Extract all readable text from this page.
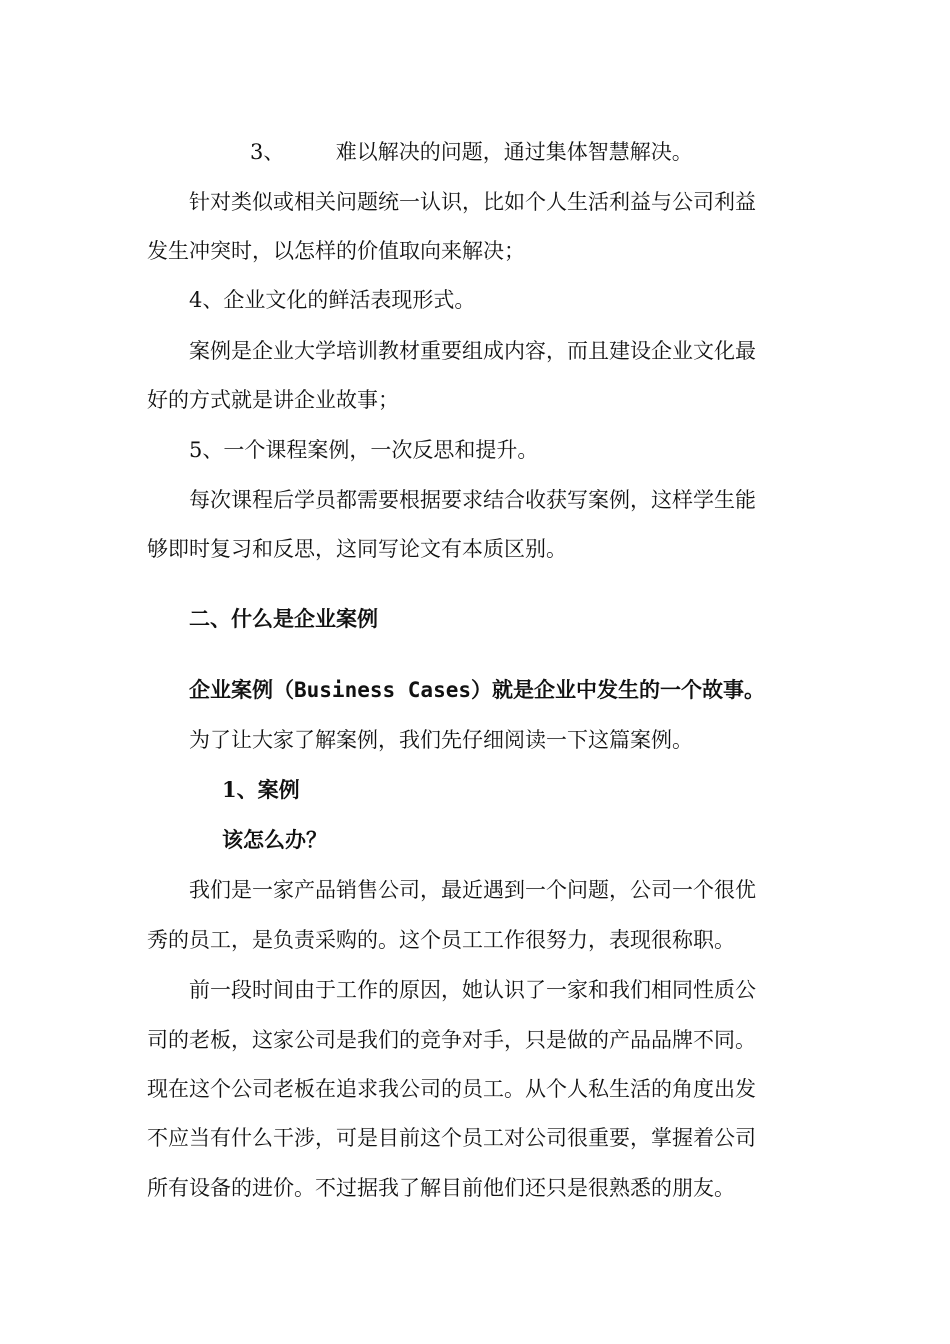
3、 难以解决的问题，通过集体智慧解决。
针对类似或相关问题统一认识，比如个人生活利益与公司利益
发生冲突时，以怎样的价值取向来解决；
4、企业文化的鲜活表现形式。
案例是企业大学培训教材重要组成内容，而且建设企业文化最
好的方式就是讲企业故事；
5、一个课程案例，一次反思和提升。
每次课程后学员都需要根据要求结合收获写案例，这样学生能
够即时复习和反思，这同写论文有本质区别。
二、什么是企业案例
企业案例（Business Cases）就是企业中发生的一个故事。
为了让大家了解案例，我们先仔细阅读一下这篇案例。
1、案例
该怎么办？
我们是一家产品销售公司，最近遇到一个问题，公司一个很优
秀的员工，是负责采购的。这个员工工作很努力，表现很称职。
前一段时间由于工作的原因，她认识了一家和我们相同性质公
司的老板，这家公司是我们的竞争对手，只是做的产品品牌不同。
现在这个公司老板在追求我公司的员工。从个人私生活的角度出发
不应当有什么干涉，可是目前这个员工对公司很重要，掌握着公司
所有设备的进价。不过据我了解目前他们还只是很熟悉的朋友。
